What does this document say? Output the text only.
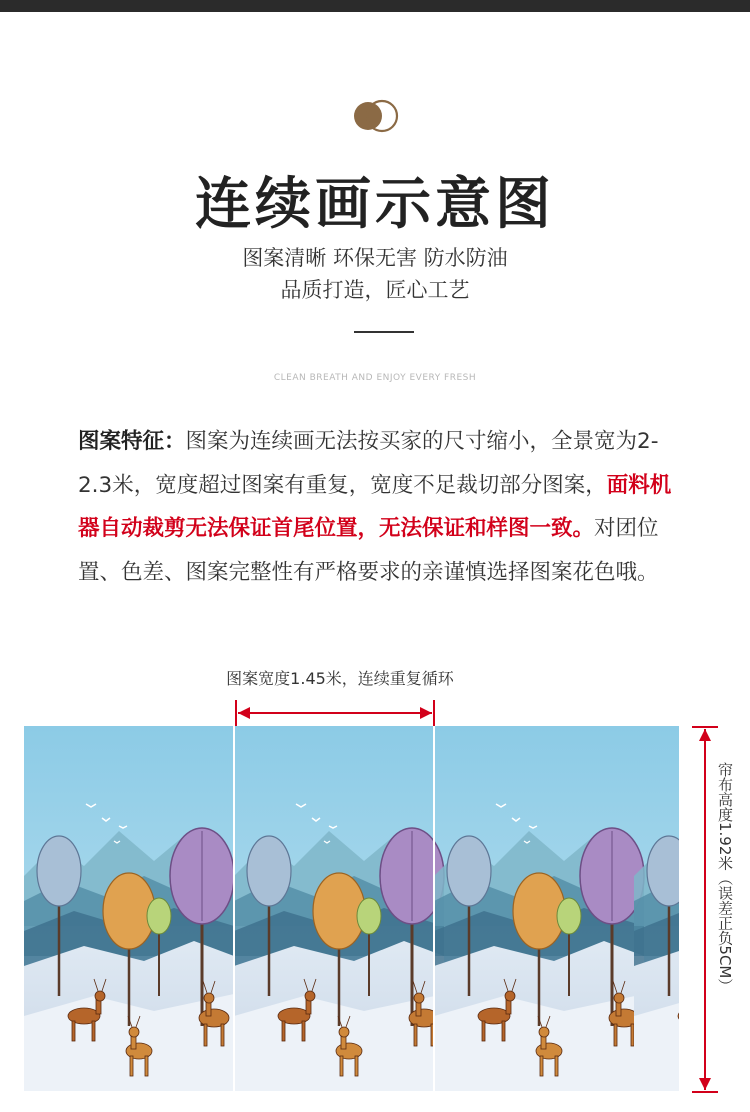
连续画示意图
图案清晰 环保无害 防水防油
品质打造，匠心工艺
CLEAN BREATH AND ENJOY EVERY FRESH
图案特征：图案为连续画无法按买家的尺寸缩小，全景宽为2-2.3米，宽度超过图案有重复，宽度不足裁切部分图案，面料机器自动裁剪无法保证首尾位置，无法保证和样图一致。对团位置、色差、图案完整性有严格要求的亲谨慎选择图案花色哦。
图案宽度1.45米，连续重复循环
帘布高度1.92米（误差正负5CM）
